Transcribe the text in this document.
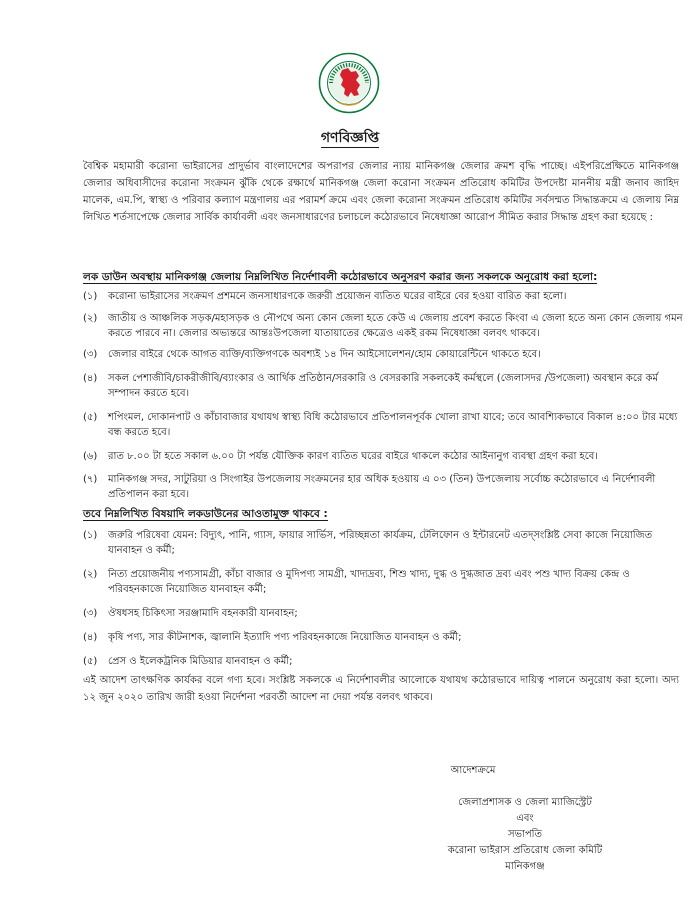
গণবিজ্ঞপ্তি
বৈশ্বিক মহামারী করোনা ভাইরাসের প্রাদুর্ভাব বাংলাদেশের অপরাপর জেলার ন্যায় মানিকগঞ্জ জেলার ক্রমশ বৃদ্ধি পাচ্ছে। এইপরিপ্রেক্ষিতে মানিকগঞ্জ জেলার অধিবাসীদের করোনা সংক্রমন ঝুঁকি থেকে রক্ষার্থে মানিকগঞ্জ জেলা করোনা সংক্রমন প্রতিরোধ কমিটির উপদেষ্টা মাননীয় মন্ত্রী জনাব জাহিদ মালেক, এম.পি, স্বাস্থ্য ও পরিবার কল্যাণ মন্ত্রণালয় এর পরামর্শ ক্রমে এবং জেলা করোনা সংক্রমন প্রতিরোধ কমিটির সর্বসম্মত সিদ্ধান্তক্রমে এ জেলায় নিম্ন লিখিত শর্তসাপেক্ষে জেলার সার্বিক কার্যাবলী এবং জনসাধারণের চলাচলে কঠোরভাবে নিষেধাজ্ঞা আরোপ সীমিত করার সিদ্ধান্ত গ্রহণ করা হয়েছে :
লক ডাউন অবস্থায় মানিকগঞ্জ জেলায় নিম্নলিখিত নির্দেশাবলী কঠোরভাবে অনুসরণ করার জন্য সকলকে অনুরোধ করা হলো:
(১)	করোনা ভাইরাসের সংক্রমণ প্রশমনে জনসাধারণকে জরুরী প্রয়োজন ব্যতিত ঘরের বাইরে বের হওয়া বারিত করা হলো।
(২)	জাতীয় ও আঞ্চলিক সড়ক/মহাসড়ক ও নৌপথে অন্য কোন জেলা হতে কেউ এ জেলায় প্রবেশ করতে কিংবা এ জেলা হতে অন্য কোন জেলায় গমন করতে পারবে না। জেলার অভ্যন্তরে আন্তঃউপজেলা যাতায়াতের ক্ষেত্রেও একই রকম নিষেধাজ্ঞা বলবৎ থাকবে।
(৩)	জেলার বাইরে থেকে আগত ব্যক্তি/ব্যক্তিগণকে অবশ্যই ১৪ দিন আইসোলেশন/হোম কোয়ারেন্টিনে থাকতে হবে।
(৪)	সকল পেশাজীবি/চাকরীজীবি/ব্যাংকার ও আর্থিক প্রতিষ্ঠান/সরকারি ও বেসরকারি সকলকেই কর্মস্থলে (জেলাসদর /উপজেলা) অবস্থান করে কর্ম সম্পাদন করতে হবে।
(৫)	শপিংমল, দোকানপাট ও কাঁচাবাজার যথাযথ স্বাস্থ্য বিধি কঠোরভাবে প্রতিপালনপূর্বক খোলা রাখা যাবে; তবে আবশ্যিকভাবে বিকাল ৪:০০ টার মধ্যে বন্ধ করতে হবে।
(৬)	রাত ৮.০০ টা হতে সকাল ৬.০০ টা পর্যন্ত যৌক্তিক কারণ ব্যতিত ঘরের বাইরে থাকলে কঠোর আইনানুগ ব্যবস্থা গ্রহণ করা হবে।
(৭)	মানিকগঞ্জ সদর, সাটুরিয়া ও সিংগাইর উপজেলায় সংক্রমনের হার অধিক হওয়ায় এ ০৩ (তিন) উপজেলায় সর্বোচ্চ কঠোরভাবে এ নির্দেশাবলী প্রতিপালন করা হবে।
তবে নিম্নলিখিত বিষয়াদি লকডাউনের আওতামুক্ত থাকবে :
(১)	জরুরি পরিষেবা যেমন: বিদ্যুৎ, পানি, গ্যাস, ফায়ার সার্ভিস, পরিচ্ছন্নতা কার্যক্রম, টেলিফোন ও ইন্টারনেট এতদ্সংশ্লিষ্ট সেবা কাজে নিয়োজিত যানবাহন ও কর্মী;
(২)	নিত্য প্রয়োজনীয় পণ্যসামগ্রী, কাঁচা বাজার ও মুদিপণ্য সামগ্রী, খাদ্যদ্রব্য, শিশু খাদ্য, দুগ্ধ ও দুগ্ধজাত দ্রব্য এবং পশু খাদ্য বিক্রয় কেন্দ্র ও পরিবহনকাজে নিয়োজিত যানবাহন কর্মী;
(৩)	ঔষধসহ চিকিৎসা সরঞ্জামাদি বহনকারী যানবাহন;
(৪)	কৃষি পণ্য, সার কীটনাশক, জ্বালানি ইত্যাদি পণ্য পরিবহনকাজে নিয়োজিত যানবাহন ও কর্মী;
(৫)	প্রেস ও ইলেকট্রনিক মিডিয়ার যানবাহন ও কর্মী;
এই আদেশ তাৎক্ষণিক কার্যকর বলে গণ্য হবে। সংশ্লিষ্ট সকলকে এ নির্দেশাবলীর আলোকে যথাযথ কঠোরভাবে দায়িত্ব পালনে অনুরোধ করা হলো। অদ্য ১২ জুন ২০২০ তারিখ জারী হওয়া নির্দেশনা পরবর্তী আদেশ না দেয়া পর্যন্ত বলবৎ থাকবে।
আদেশক্রমে
জেলাপ্রশাসক ও জেলা ম্যাজিস্ট্রেট
এবং
সভাপতি
করোনা ভাইরাস প্রতিরোধ জেলা কমিটি
মানিকগঞ্জ
